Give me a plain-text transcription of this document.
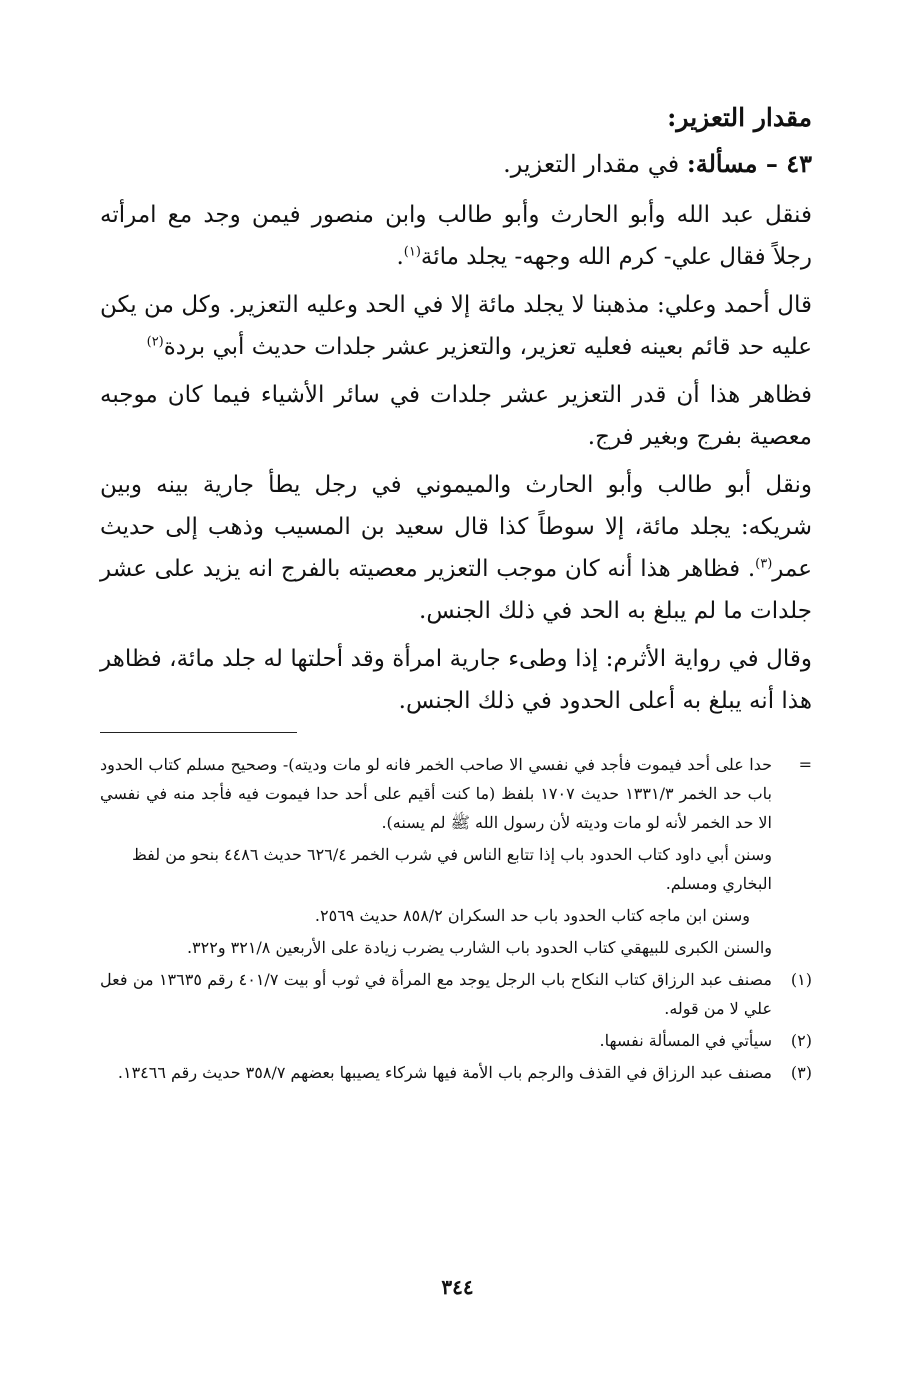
مقدار التعزير:
٤٣ – مسألة: في مقدار التعزير.

فنقل عبد الله وأبو الحارث وأبو طالب وابن منصور فيمن وجد مع امرأته رجلاً فقال علي- كرم الله وجهه- يجلد مائة$^{(١)}$.

قال أحمد وعلي: مذهبنا لا يجلد مائة إلا في الحد وعليه التعزير. وكل من يكن عليه حد قائم بعينه فعليه تعزير، والتعزير عشر جلدات حديث أبي بردة$^{(٢)}$

فظاهر هذا أن قدر التعزير عشر جلدات في سائر الأشياء فيما كان موجبه معصية بفرج وبغير فرج.

ونقل أبو طالب وأبو الحارث والميموني في رجل يطأ جارية بينه وبين شريكه: يجلد مائة، إلا سوطاً كذا قال سعيد بن المسيب وذهب إلى حديث عمر$^{(٣)}$. فظاهر هذا أنه كان موجب التعزير معصيته بالفرج انه يزيد على عشر جلدات ما لم يبلغ به الحد في ذلك الجنس.

وقال في رواية الأثرم: إذا وطىء جارية امرأة وقد أحلتها له جلد مائة، فظاهر هذا أنه يبلغ به أعلى الحدود في ذلك الجنس.

=
حدا على أحد فيموت فأجد في نفسي الا صاحب الخمر فانه لو مات وديته)- وصحيح مسلم كتاب الحدود باب حد الخمر ١٣٣١/٣ حديث ١٧٠٧ بلفظ (ما كنت أقيم على أحد حدا فيموت فيه فأجد منه في نفسي الا حد الخمر لأنه لو مات وديته لأن رسول الله ﷺ لم يسنه).
وسنن أبي داود كتاب الحدود باب إذا تتابع الناس في شرب الخمر ٦٢٦/٤ حديث ٤٤٨٦ بنحو من لفظ البخاري ومسلم.
وسنن ابن ماجه كتاب الحدود باب حد السكران ٨٥٨/٢ حديث ٢٥٦٩.
والسنن الكبرى للبيهقي كتاب الحدود باب الشارب يضرب زيادة على الأربعين ٣٢١/٨ و٣٢٢.
(١)
مصنف عبد الرزاق كتاب النكاح باب الرجل يوجد مع المرأة في ثوب أو بيت ٤٠١/٧ رقم ١٣٦٣٥ من فعل علي لا من قوله.
(٢)
سيأتي في المسألة نفسها.
(٣)
مصنف عبد الرزاق في القذف والرجم باب الأمة فيها شركاء يصيبها بعضهم ٣٥٨/٧ حديث رقم ١٣٤٦٦.
٣٤٤
